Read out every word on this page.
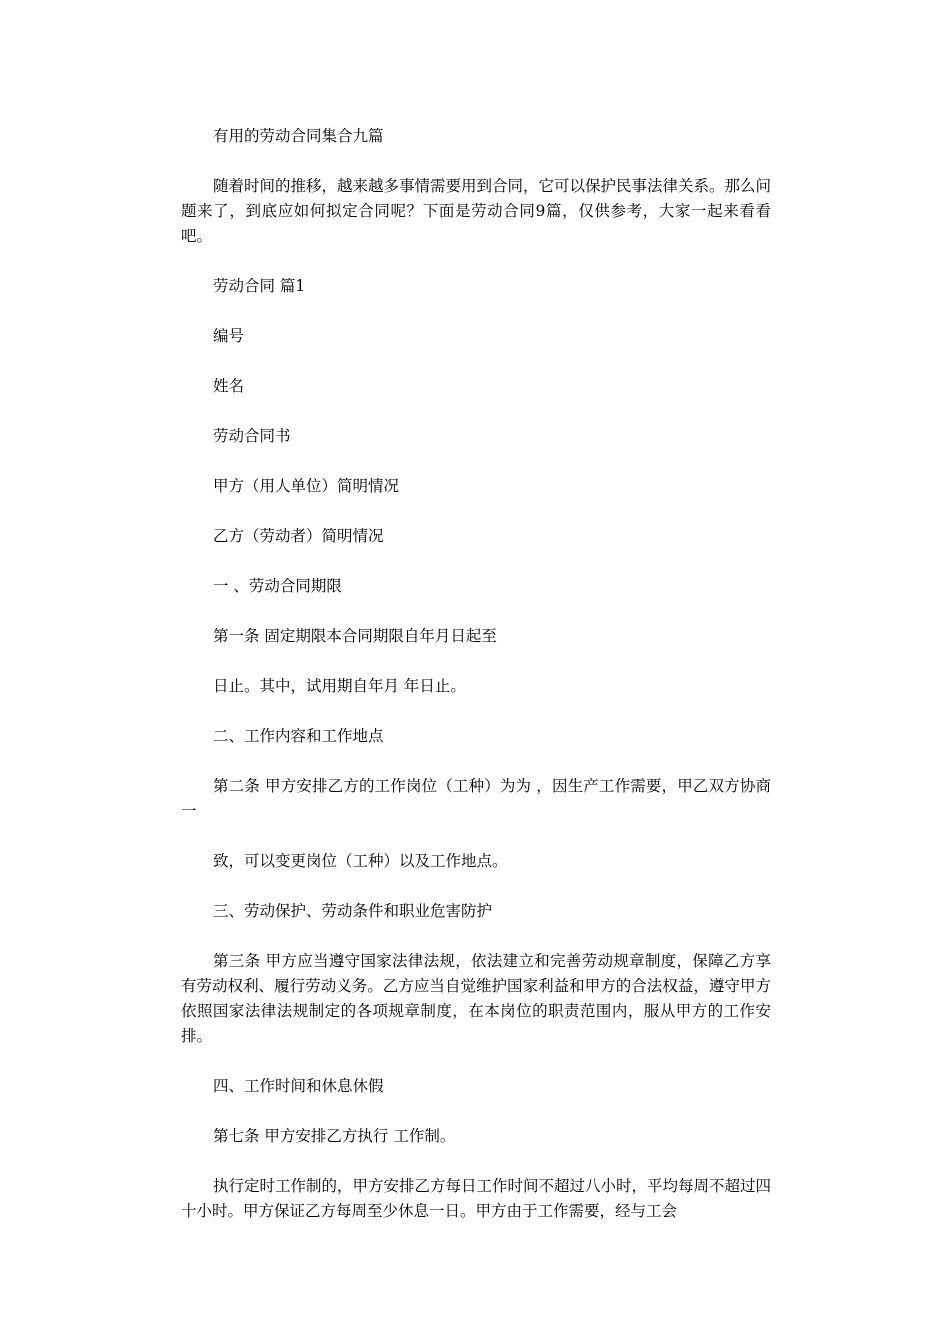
有用的劳动合同集合九篇

随着时间的推移，越来越多事情需要用到合同，它可以保护民事法律关系。那么问题来了，到底应如何拟定合同呢？下面是劳动合同9篇，仅供参考，大家一起来看看吧。

劳动合同 篇1

编号

姓名

劳动合同书

甲方（用人单位）简明情况

乙方（劳动者）简明情况

一 、劳动合同期限

第一条 固定期限本合同期限自年月日起至

日止。其中，试用期自年月 年日止。

二、工作内容和工作地点

第二条 甲方安排乙方的工作岗位（工种）为为 ，因生产工作需要，甲乙双方协商一

致，可以变更岗位（工种）以及工作地点。

三、劳动保护、劳动条件和职业危害防护

第三条 甲方应当遵守国家法律法规，依法建立和完善劳动规章制度，保障乙方享有劳动权利、履行劳动义务。乙方应当自觉维护国家利益和甲方的合法权益，遵守甲方依照国家法律法规制定的各项规章制度，在本岗位的职责范围内，服从甲方的工作安排。

四、工作时间和休息休假

第七条 甲方安排乙方执行 工作制。

执行定时工作制的，甲方安排乙方每日工作时间不超过八小时，平均每周不超过四十小时。甲方保证乙方每周至少休息一日。甲方由于工作需要，经与工会
